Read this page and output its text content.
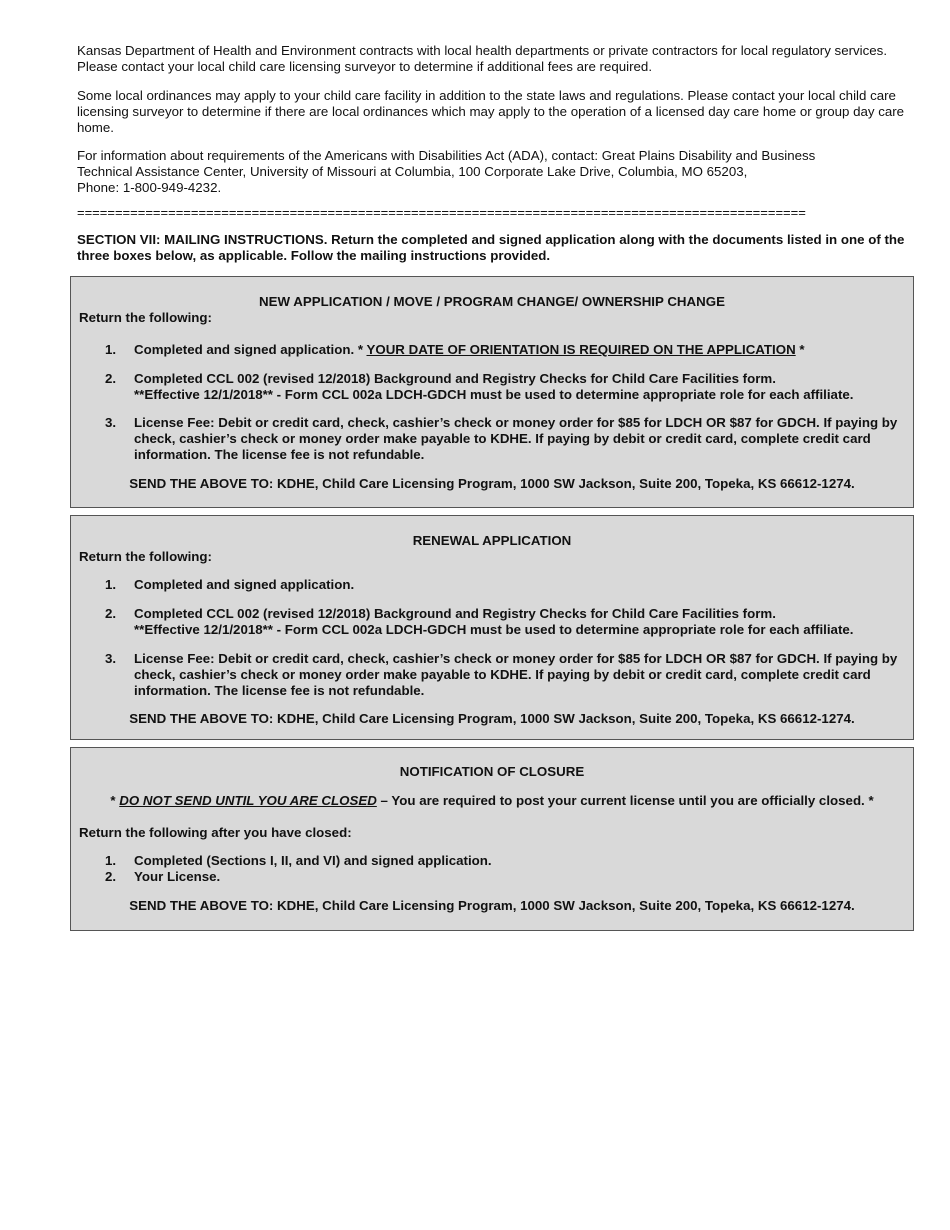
Kansas Department of Health and Environment contracts with local health departments or private contractors for local regulatory services. Please contact your local child care licensing surveyor to determine if additional fees are required.

Some local ordinances may apply to your child care facility in addition to the state laws and regulations. Please contact your local child care licensing surveyor to determine if there are local ordinances which may apply to the operation of a licensed day care home or group day care home.

For information about requirements of the Americans with Disabilities Act (ADA), contact: Great Plains Disability and Business
Technical Assistance Center, University of Missouri at Columbia, 100 Corporate Lake Drive, Columbia, MO 65203,
Phone: 1-800-949-4232.
================================================================================================
SECTION VII: MAILING INSTRUCTIONS. Return the completed and signed application along with the documents listed in one of the three boxes below, as applicable. Follow the mailing instructions provided.
NEW APPLICATION / MOVE / PROGRAM CHANGE/ OWNERSHIP CHANGE
Return the following:
1.	Completed and signed application. * YOUR DATE OF ORIENTATION IS REQUIRED ON THE APPLICATION *
2.	Completed CCL 002 (revised 12/2018) Background and Registry Checks for Child Care Facilities form.
**Effective 12/1/2018** - Form CCL 002a LDCH-GDCH must be used to determine appropriate role for each affiliate.
3.	License Fee: Debit or credit card, check, cashier’s check or money order for $85 for LDCH OR $87 for GDCH. If paying by check, cashier’s check or money order make payable to KDHE. If paying by debit or credit card, complete credit card information. The license fee is not refundable.
SEND THE ABOVE TO: KDHE, Child Care Licensing Program, 1000 SW Jackson, Suite 200, Topeka, KS 66612-1274.
RENEWAL APPLICATION
Return the following:
1.	Completed and signed application.
2.	Completed CCL 002 (revised 12/2018) Background and Registry Checks for Child Care Facilities form.
**Effective 12/1/2018** - Form CCL 002a LDCH-GDCH must be used to determine appropriate role for each affiliate.
3.	License Fee: Debit or credit card, check, cashier’s check or money order for $85 for LDCH OR $87 for GDCH. If paying by check, cashier’s check or money order make payable to KDHE. If paying by debit or credit card, complete credit card information. The license fee is not refundable.
SEND THE ABOVE TO: KDHE, Child Care Licensing Program, 1000 SW Jackson, Suite 200, Topeka, KS 66612-1274.
NOTIFICATION OF CLOSURE
* DO NOT SEND UNTIL YOU ARE CLOSED – You are required to post your current license until you are officially closed. *
Return the following after you have closed:
1.	Completed (Sections I, II, and VI) and signed application.
2.	Your License.
SEND THE ABOVE TO: KDHE, Child Care Licensing Program, 1000 SW Jackson, Suite 200, Topeka, KS 66612-1274.
